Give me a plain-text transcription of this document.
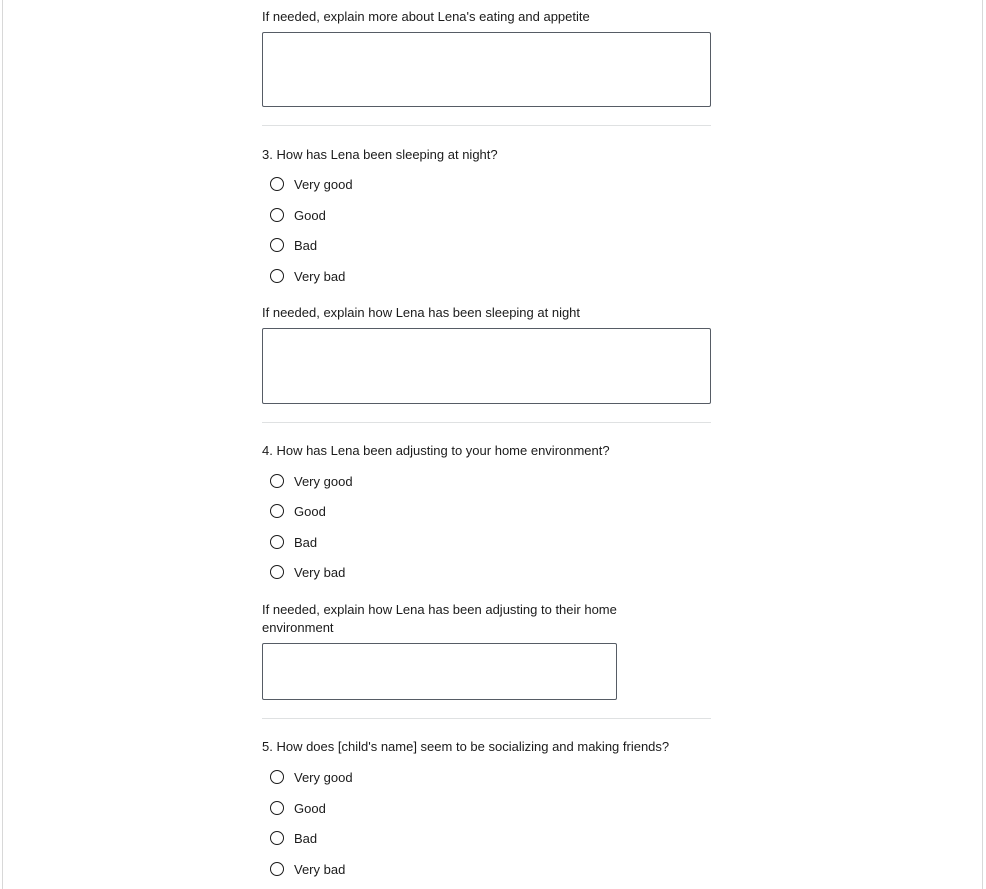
If needed, explain more about Lena's eating and appetite
3. How has Lena been sleeping at night?
Very good
Good
Bad
Very bad
If needed, explain how Lena has been sleeping at night
4. How has Lena been adjusting to your home environment?
Very good
Good
Bad
Very bad
If needed, explain how Lena has been adjusting to their home
environment
5. How does [child's name] seem to be socializing and making friends?
Very good
Good
Bad
Very bad
